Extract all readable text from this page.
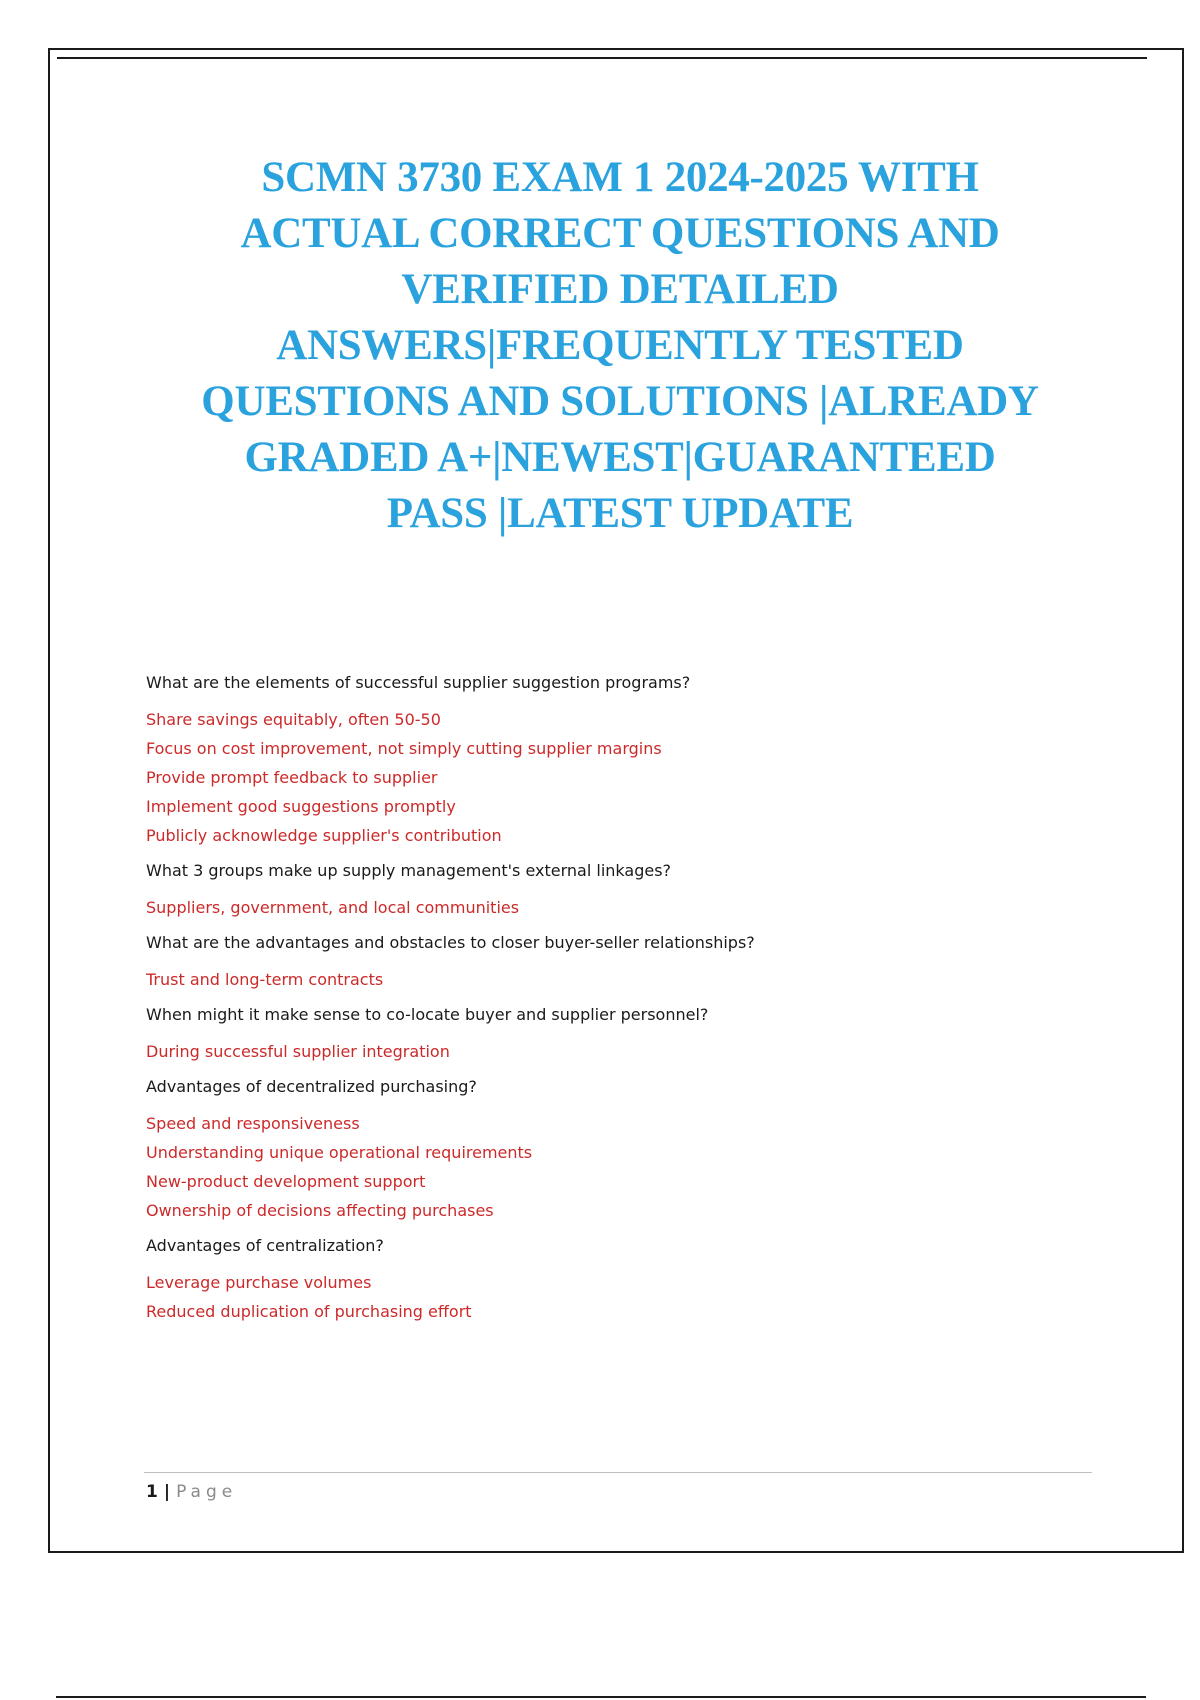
SCMN 3730 EXAM 1 2024-2025 WITH
ACTUAL CORRECT QUESTIONS AND
VERIFIED DETAILED
ANSWERS|FREQUENTLY TESTED
QUESTIONS AND SOLUTIONS |ALREADY
GRADED A+|NEWEST|GUARANTEED
PASS |LATEST UPDATE

What are the elements of successful supplier suggestion programs?

Share savings equitably, often 50-50
Focus on cost improvement, not simply cutting supplier margins
Provide prompt feedback to supplier
Implement good suggestions promptly
Publicly acknowledge supplier's contribution

What 3 groups make up supply management's external linkages?

Suppliers, government, and local communities

What are the advantages and obstacles to closer buyer-seller relationships?

Trust and long-term contracts

When might it make sense to co-locate buyer and supplier personnel?

During successful supplier integration

Advantages of decentralized purchasing?

Speed and responsiveness
Understanding unique operational requirements
New-product development support
Ownership of decisions affecting purchases

Advantages of centralization?

Leverage purchase volumes
Reduced duplication of purchasing effort
1 | Page
